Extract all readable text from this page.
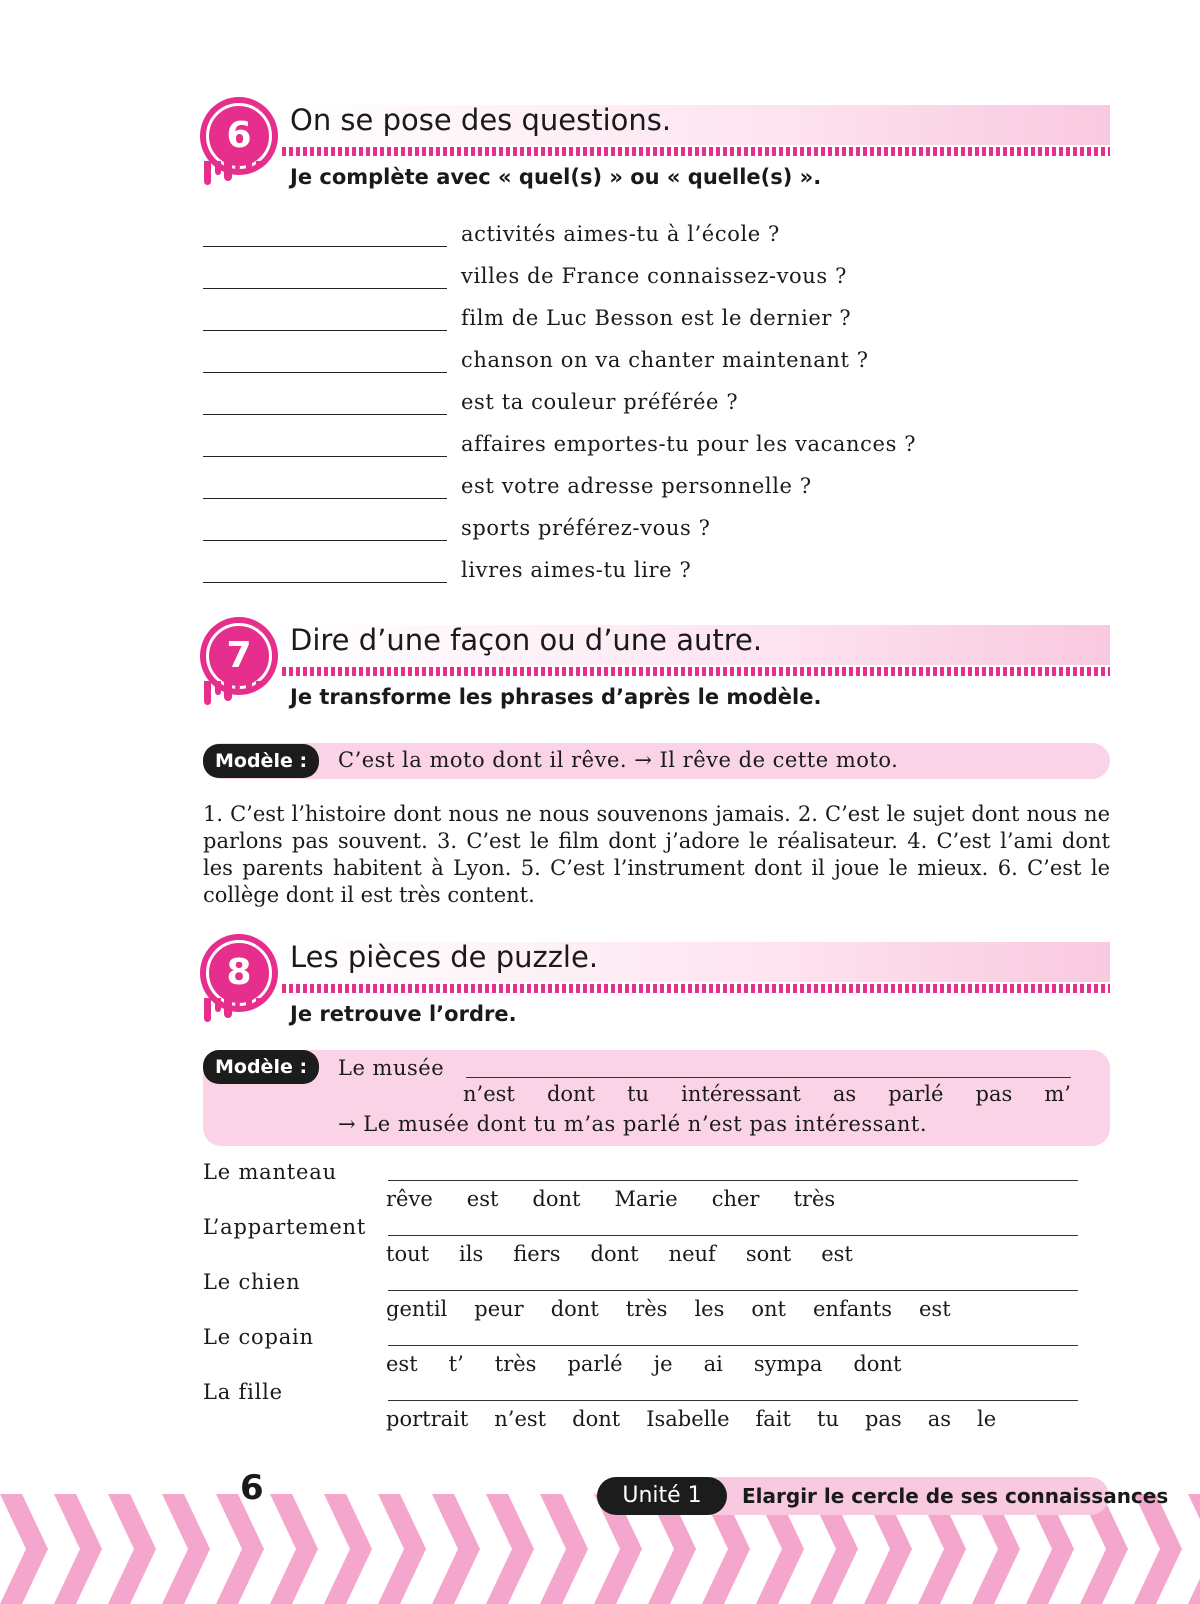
6	On se pose des questions.
Je complète avec « quel(s) » ou « quelle(s) ».
activités aimes-tu à l’école ?
villes de France connaissez-vous ?
film de Luc Besson est le dernier ?
chanson on va chanter maintenant ?
est ta couleur préférée ?
affaires emportes-tu pour les vacances ?
est votre adresse personnelle ?
sports préférez-vous ?
livres aimes-tu lire ?
7	Dire d’une façon ou d’une autre.
Je transforme les phrases d’après le modèle.
C’est la moto dont il rêve. → Il rêve de cette moto.
Modèle :
1. C’est l’histoire dont nous ne nous souvenons jamais. 2. C’est le sujet dont nous ne parlons pas souvent. 3. C’est le film dont j’adore le réalisateur. 4. C’est l’ami dont les parents habitent à Lyon. 5. C’est l’instrument dont il joue le mieux. 6. C’est le collège dont il est très content.
8	Les pièces de puzzle.
Je retrouve l’ordre.
Le musée
→ Le musée dont tu m’as parlé n’est pas intéressant.
Modèle :
n’est dont tu intéressant as parlé pas m’
Le manteau
rêve est dont Marie cher très
L’appartement
tout ils fiers dont neuf sont est
Le chien
gentil peur dont très les ont enfants est
Le copain
est t’ très parlé je ai sympa dont
La fille
portrait n’est dont Isabelle fait tu pas as le
6	Unité 1	Elargir le cercle de ses connaissances
